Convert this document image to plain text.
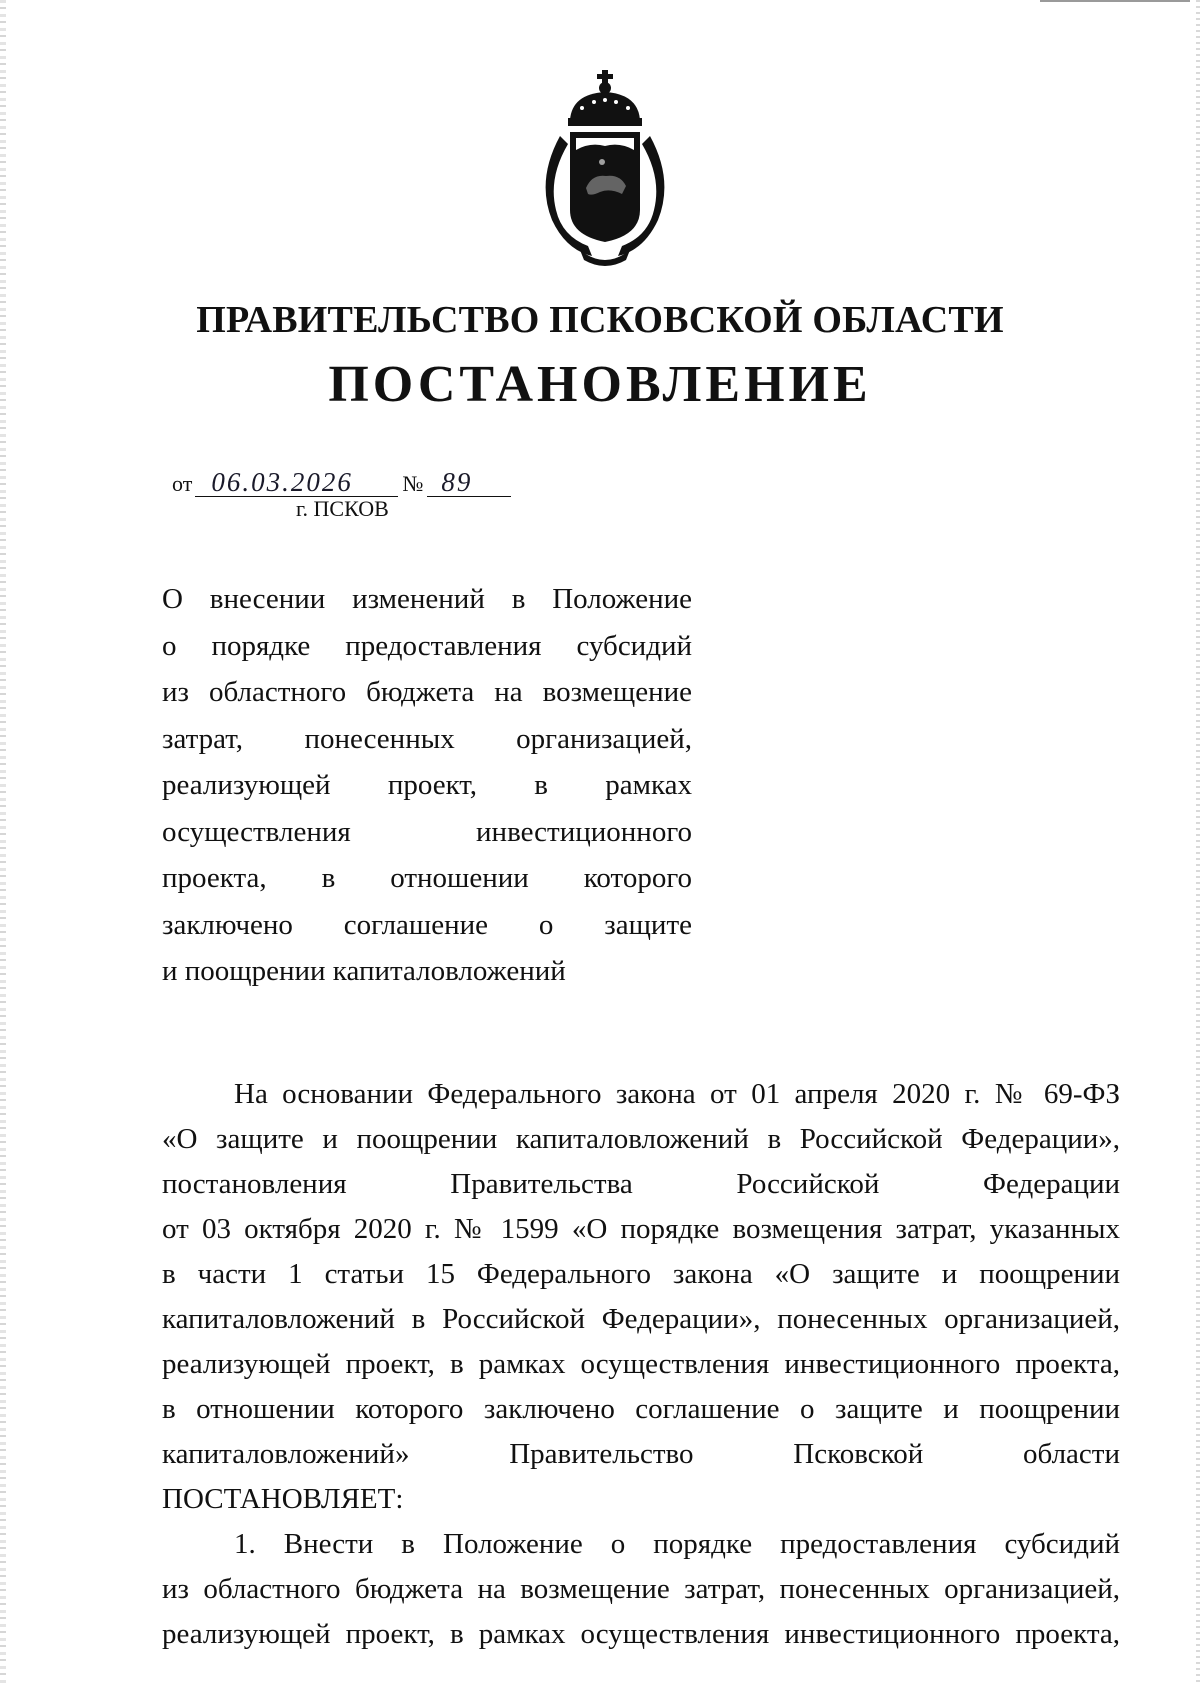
ПРАВИТЕЛЬСТВО ПСКОВСКОЙ ОБЛАСТИ
ПОСТАНОВЛЕНИЕ
от 06.03.2026	№ 89

г. ПСКОВ

О внесении изменений в Положение
о порядке предоставления субсидий
из областного бюджета на возмещение
затрат, понесенных организацией,
реализующей проект, в рамках
осуществления инвестиционного
проекта, в отношении которого
заключено соглашение о защите
и поощрении капиталовложений
На основании Федерального закона от 01 апреля 2020 г. № 69-ФЗ
«О защите и поощрении капиталовложений в Российской Федерации»,
постановления Правительства Российской Федерации
от 03 октября 2020 г. № 1599 «О порядке возмещения затрат, указанных
в части 1 статьи 15 Федерального закона «О защите и поощрении
капиталовложений в Российской Федерации», понесенных организацией,
реализующей проект, в рамках осуществления инвестиционного проекта,
в отношении которого заключено соглашение о защите и поощрении
капиталовложений» Правительство Псковской области
ПОСТАНОВЛЯЕТ:
1. Внести в Положение о порядке предоставления субсидий
из областного бюджета на возмещение затрат, понесенных организацией,
реализующей проект, в рамках осуществления инвестиционного проекта,
